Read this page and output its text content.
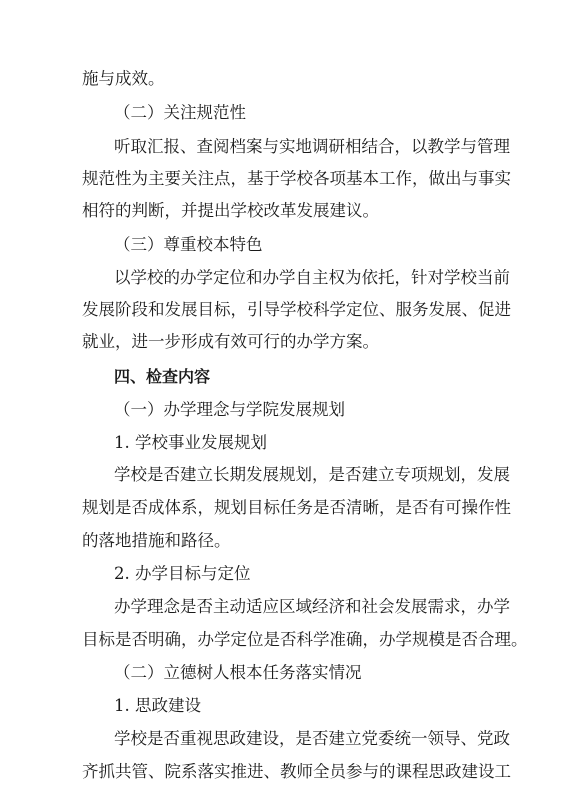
施与成效。
（二）关注规范性
听取汇报、查阅档案与实地调研相结合，以教学与管理
规范性为主要关注点，基于学校各项基本工作，做出与事实
相符的判断，并提出学校改革发展建议。
（三）尊重校本特色
以学校的办学定位和办学自主权为依托，针对学校当前
发展阶段和发展目标，引导学校科学定位、服务发展、促进
就业，进一步形成有效可行的办学方案。
四、检查内容
（一）办学理念与学院发展规划
1. 学校事业发展规划
学校是否建立长期发展规划，是否建立专项规划，发展
规划是否成体系，规划目标任务是否清晰，是否有可操作性
的落地措施和路径。
2. 办学目标与定位
办学理念是否主动适应区域经济和社会发展需求，办学
目标是否明确，办学定位是否科学准确，办学规模是否合理。
（二）立德树人根本任务落实情况
1. 思政建设
学校是否重视思政建设，是否建立党委统一领导、党政
齐抓共管、院系落实推进、教师全员参与的课程思政建设工
